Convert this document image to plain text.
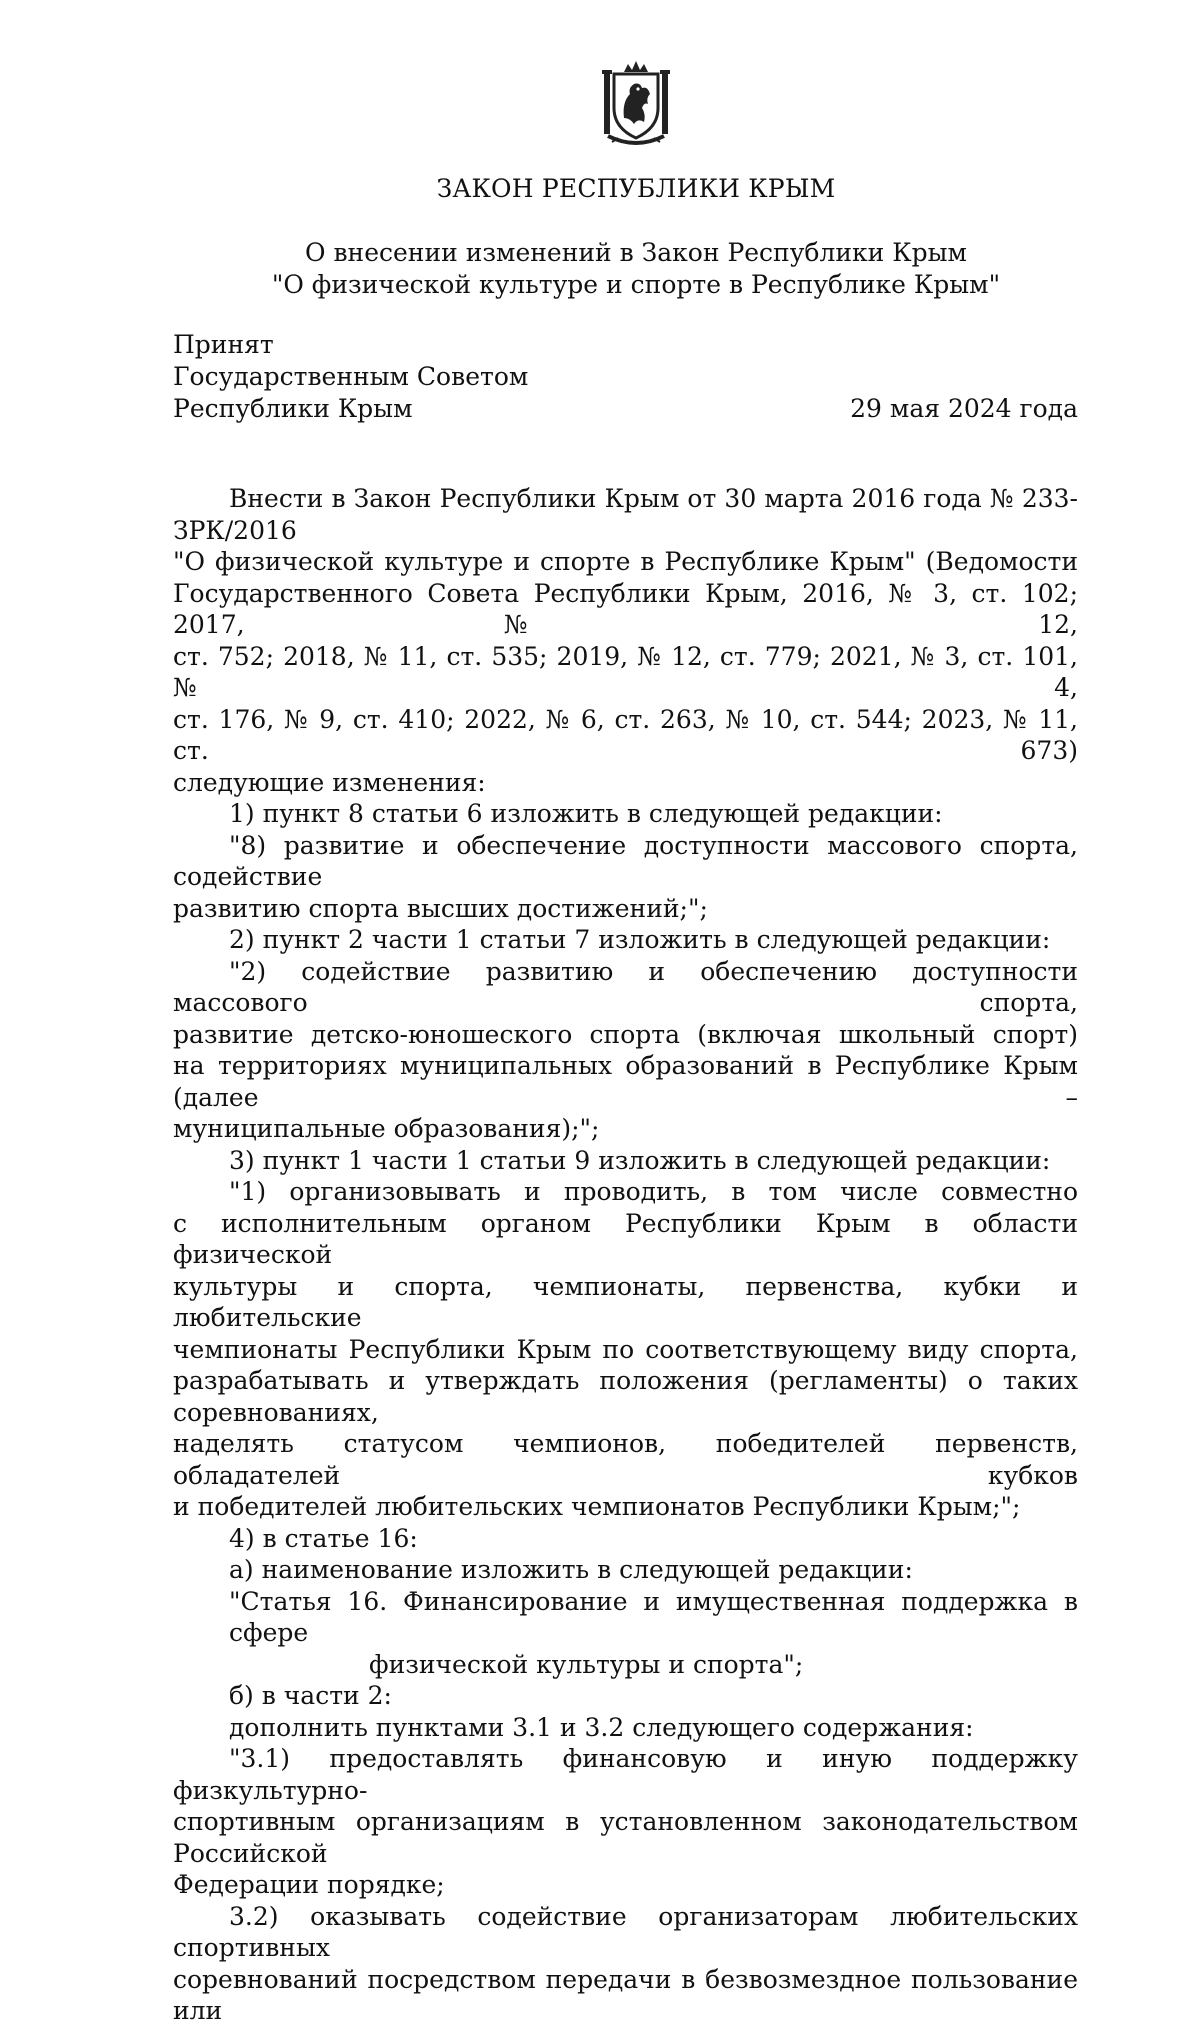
ЗАКОН РЕСПУБЛИКИ КРЫМ
О внесении изменений в Закон Республики Крым
"О физической культуре и спорте в Республике Крым"
Принят
Государственным Советом
Республики Крым	29 мая 2024 года

Внести в Закон Республики Крым от 30 марта 2016 года № 233-ЗРК/2016

"О физической культуре и спорте в Республике Крым" (Ведомости

Государственного Совета Республики Крым, 2016, № 3, ст. 102; 2017, № 12,

ст. 752; 2018, № 11, ст. 535; 2019, № 12, ст. 779; 2021, № 3, ст. 101, № 4,

ст. 176, № 9, ст. 410; 2022, № 6, ст. 263, № 10, ст. 544; 2023, № 11, ст. 673)

следующие изменения:

1) пункт 8 статьи 6 изложить в следующей редакции:

"8) развитие и обеспечение доступности массового спорта, содействие

развитию спорта высших достижений;";

2) пункт 2 части 1 статьи 7 изложить в следующей редакции:

"2) содействие развитию и обеспечению доступности массового спорта,

развитие детско-юношеского спорта (включая школьный спорт)

на территориях муниципальных образований в Республике Крым (далее –

муниципальные образования);";

3) пункт 1 части 1 статьи 9 изложить в следующей редакции:

"1) организовывать и проводить, в том числе совместно

с исполнительным органом Республики Крым в области физической

культуры и спорта, чемпионаты, первенства, кубки и любительские

чемпионаты Республики Крым по соответствующему виду спорта,

разрабатывать и утверждать положения (регламенты) о таких соревнованиях,

наделять статусом чемпионов, победителей первенств, обладателей кубков

и победителей любительских чемпионатов Республики Крым;";

4) в статье 16:

а) наименование изложить в следующей редакции:

"Статья 16. Финансирование и имущественная поддержка в сфере

физической культуры и спорта";

б) в части 2:

дополнить пунктами 3.1 и 3.2 следующего содержания:

"3.1) предоставлять финансовую и иную поддержку физкультурно-

спортивным организациям в установленном законодательством Российской

Федерации порядке;

3.2) оказывать содействие организаторам любительских спортивных

соревнований посредством передачи в безвозмездное пользование или
